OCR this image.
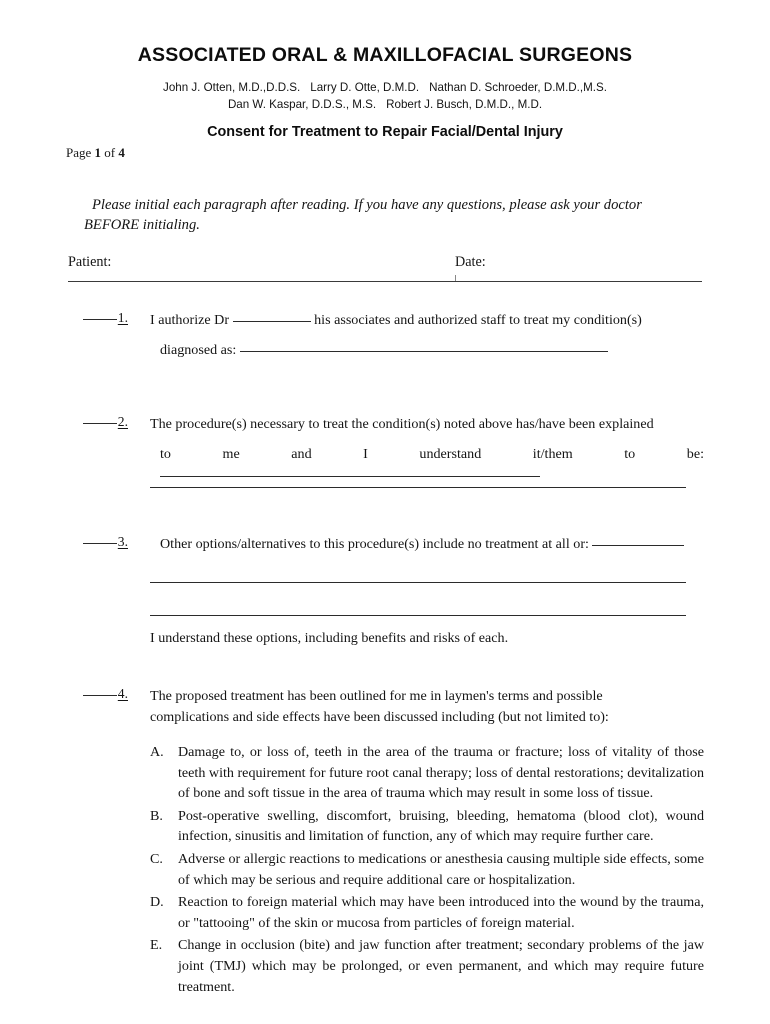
ASSOCIATED ORAL & MAXILLOFACIAL SURGEONS
John J. Otten, M.D.,D.D.S. Larry D. Otte, D.M.D. Nathan D. Schroeder, D.M.D.,M.S.
Dan W. Kaspar, D.D.S., M.S. Robert J. Busch, D.M.D., M.D.
Consent for Treatment to Repair Facial/Dental Injury
Page 1 of 4
Please initial each paragraph after reading. If you have any questions, please ask your doctor BEFORE initialing.
Patient:	Date:
1. I authorize Dr	his associates and authorized staff to treat my condition(s)
diagnosed as:
2. The procedure(s) necessary to treat the condition(s) noted above has/have been explained
to me and I understand it/them to be:
3. Other options/alternatives to this procedure(s) include no treatment at all or:
I understand these options, including benefits and risks of each.
4. The proposed treatment has been outlined for me in laymen's terms and possible
complications and side effects have been discussed including (but not limited to):
A.	Damage to, or loss of, teeth in the area of the trauma or fracture; loss of vitality of those teeth with requirement for future root canal therapy; loss of dental restorations; devitalization of bone and soft tissue in the area of trauma which may result in some loss of tissue.
B.	Post-operative swelling, discomfort, bruising, bleeding, hematoma (blood clot), wound infection, sinusitis and limitation of function, any of which may require further care.
C.	Adverse or allergic reactions to medications or anesthesia causing multiple side effects, some of which may be serious and require additional care or hospitalization.
D.	Reaction to foreign material which may have been introduced into the wound by the trauma, or "tattooing" of the skin or mucosa from particles of foreign material.
E.	Change in occlusion (bite) and jaw function after treatment; secondary problems of the jaw joint (TMJ) which may be prolonged, or even permanent, and which may require future treatment.
